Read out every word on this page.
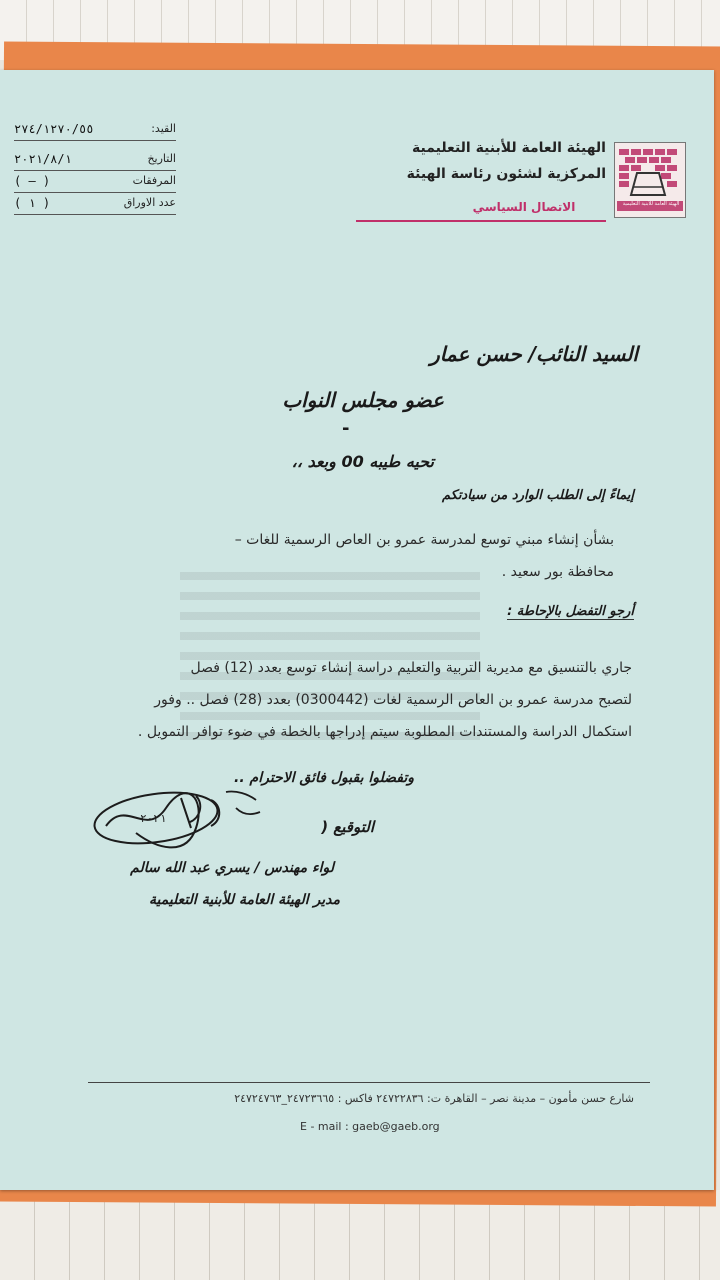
الهيئة العامة للأبنية التعليمية
الهيئة العامة للأبنية التعليمية
المركزية لشئون رئاسة الهيئة
الاتصال السياسي
القيد:
٢٧٤/١٢٧٠/٥٥
التاريخ
٢٠٢١/٨/١
المرفقات
( — )
عدد الاوراق
( ١ )
السيد النائب/ حسن عمار
عضو مجلس النواب
-
تحيه طيبه 00 وبعد ،،
إيماءً إلى الطلب الوارد من سيادتكم
بشأن إنشاء مبني توسع لمدرسة عمرو بن العاص الرسمية للغات –
محافظة بور سعيد .
أرجو التفضل بالإحاطة :
جاري بالتنسيق مع مديرية التربية والتعليم دراسة إنشاء توسع بعدد (12) فصل
لتصبح مدرسة عمرو بن العاص الرسمية لغات (0300442) بعدد (28) فصل .. وفور
استكمال الدراسة والمستندات المطلوبة سيتم إدراجها بالخطة في ضوء توافر التمويل .
وتفضلوا بقبول فائق الاحترام ..
٢٠٢١	التوقيع (
لواء مهندس / يسري عبد الله سالم
مدير الهيئة العامة للأبنية التعليمية
شارع حسن مأمون – مدينة نصر – القاهرة ت: ٢٤٧٢٢٨٣٦ فاكس : ٢٤٧٢٣٦٦٥_٢٤٧٢٤٧٦٣
E - mail : gaeb@gaeb.org
